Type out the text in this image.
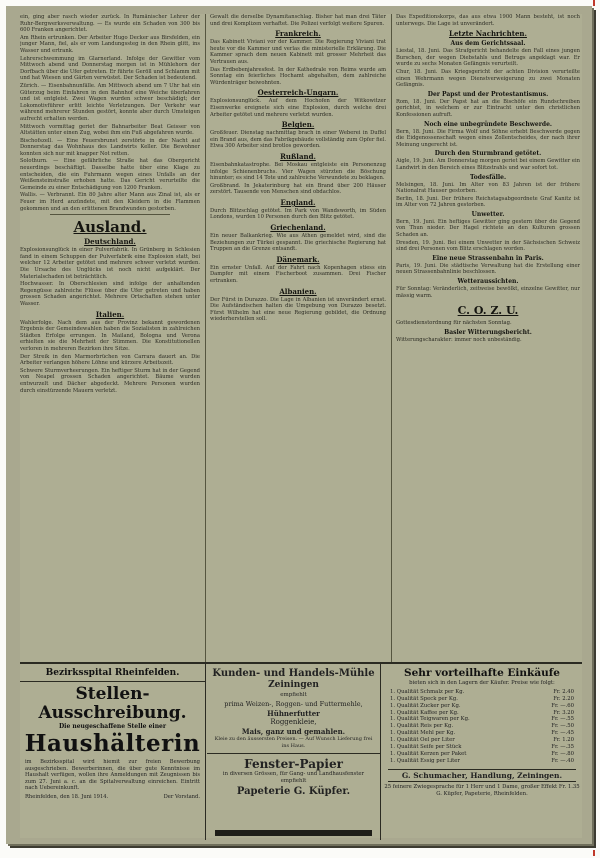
ein, ging aber rasch wieder zurück. In Rumänischer Lehrer der Ruhr-Bergwerksverwaltung. — Es wurde ein Schaden von 300 bis 600 Franken angerichtet.

Am Rhein ertrunken. Der Arbeiter Hugo Decker aus Birsfelden, ein junger Mann, fiel, als er vom Landungssteg in den Rhein glitt, ins Wasser und ertrank.

Lehrerschwemmung im Glarnerland. Infolge der Gewitter vom Mittwoch abend und Donnerstag morgen ist in Mühlehorn der Dorfbach über die Ufer getreten. Er führte Geröll und Schlamm mit und hat Wiesen und Gärten verwüstet. Der Schaden ist bedeutend.

Zürich. — Eisenbahnunfälle. Am Mittwoch abend um 7 Uhr hat ein Güterzug beim Einfahren in den Bahnhof eine Weiche überfahren und ist entgleist. Zwei Wagen wurden schwer beschädigt; der Lokomotivführer erlitt leichte Verletzungen. Der Verkehr war während mehrerer Stunden gestört, konnte aber durch Umsteigen aufrecht erhalten werden.

Mittwoch vormittag geriet der Bahnarbeiter Beat Geisser von Altstätten unter einen Zug, wobei ihm ein Fuß abgefahren wurde.

Bischofszell. — Eine Feuersbrunst zerstörte in der Nacht auf Donnerstag das Wohnhaus des Landwirts Keller. Die Bewohner konnten sich nur mit knapper Not retten.

Solothurn. — Eine gefährliche Straße hat das Obergericht neuerdings beschäftigt. Dasselbe hatte über eine Klage zu entscheiden, die ein Fuhrmann wegen eines Unfalls an der Weißensteinstraße erhoben hatte. Das Gericht verurteilte die Gemeinde zu einer Entschädigung von 1200 Franken.

Wallis. — Verbrannt. Ein 80 Jahre alter Mann aus Zinal ist, als er Feuer im Herd anzündete, mit den Kleidern in die Flammen gekommen und an den erlittenen Brandwunden gestorben.

Ausland.
Deutschland.

Explosionsunglück in einer Pulverfabrik. In Grünberg in Schlesien fand in einem Schuppen der Pulverfabrik eine Explosion statt, bei welcher 12 Arbeiter getötet und mehrere schwer verletzt wurden. Die Ursache des Unglücks ist noch nicht aufgeklärt. Der Materialschaden ist beträchtlich.

Hochwasser. In Oberschlesien sind infolge der anhaltenden Regengüsse zahlreiche Flüsse über die Ufer getreten und haben grossen Schaden angerichtet. Mehrere Ortschaften stehen unter Wasser.

Italien.

Wahlerfolge. Nach dem aus der Provinz bekannt gewordenen Ergebnis der Gemeindewahlen haben die Sozialisten in zahlreichen Städten Erfolge errungen. In Mailand, Bologna und Verona erhielten sie die Mehrheit der Stimmen. Die Konstitutionellen verloren in mehreren Bezirken ihre Sitze.

Der Streik in den Marmorbrüchen von Carrara dauert an. Die Arbeiter verlangen höhere Löhne und kürzere Arbeitszeit.

Schwere Sturmverheerungen. Ein heftiger Sturm hat in der Gegend von Neapel grossen Schaden angerichtet. Bäume wurden entwurzelt und Dächer abgedeckt. Mehrere Personen wurden durch einstürzende Mauern verletzt.

Gewalt die derselbe Dynamitanschlag. Bisher hat man drei Täter und drei Komplizen verhaftet. Die Polizei verfolgt weitere Spuren.

Frankreich.

Das Kabinett Viviani vor der Kammer. Die Regierung Viviani trat heute vor die Kammer und verlas die ministerielle Erklärung. Die Kammer sprach dem neuen Kabinett mit grosser Mehrheit das Vertrauen aus.

Das Erdbebenjahresfest. In der Kathedrale von Reims wurde am Sonntag ein feierliches Hochamt abgehalten, dem zahlreiche Würdenträger beiwohnten.

Oesterreich-Ungarn.

Explosionsunglück. Auf dem Hochofen der Witkowitzer Eisenwerke ereignete sich eine Explosion, durch welche drei Arbeiter getötet und mehrere verletzt wurden.

Belgien.

Großfeuer. Dienstag nachmittag brach in einer Weberei in Duffel ein Brand aus, dem das Fabrikgebäude vollständig zum Opfer fiel. Etwa 300 Arbeiter sind brotlos geworden.

Rußland.

Eisenbahnkatastrophe. Bei Moskau entgleiste ein Personenzug infolge Schienenbruchs. Vier Wagen stürzten die Böschung hinunter; es sind 14 Tote und zahlreiche Verwundete zu beklagen.

Großbrand. In Jekaterinburg hat ein Brand über 200 Häuser zerstört. Tausende von Menschen sind obdachlos.

England.

Durch Blitzschlag getötet. Im Park von Wandsworth, im Süden Londons, wurden 10 Personen durch den Blitz getötet.

Griechenland.

Ein neuer Balkankrieg. Wie aus Athen gemeldet wird, sind die Beziehungen zur Türkei gespannt. Die griechische Regierung hat Truppen an die Grenze entsandt.

Dänemark.

Ein ernster Unfall. Auf der Fahrt nach Kopenhagen stiess ein Dampfer mit einem Fischerboot zusammen. Drei Fischer ertranken.

Albanien.

Der Fürst in Durazzo. Die Lage in Albanien ist unverändert ernst. Die Aufständischen halten die Umgebung von Durazzo besetzt. Fürst Wilhelm hat eine neue Regierung gebildet, die Ordnung wiederherstellen soll.

Das Expeditionskorps, das aus etwa 1900 Mann besteht, ist noch unterwegs. Die Lage ist unverändert.

Letzte Nachrichten.
Aus dem Gerichtssaal.

Liestal, 18. Juni. Das Strafgericht behandelte den Fall eines jungen Burschen, der wegen Diebstahls und Betrugs angeklagt war. Er wurde zu sechs Monaten Gefängnis verurteilt.

Chur, 18. Juni. Das Kriegsgericht der achten Division verurteilte einen Wehrmann wegen Dienstverweigerung zu zwei Monaten Gefängnis.

Der Papst und der Protestantismus.

Rom, 18. Juni. Der Papst hat an die Bischöfe ein Rundschreiben gerichtet, in welchem er zur Eintracht unter den christlichen Konfessionen aufruft.

Noch eine unbegründete Beschwerde.

Bern, 18. Juni. Die Firma Wolf und Söhne erhebt Beschwerde gegen die Eidgenossenschaft wegen eines Zollentscheides, der nach ihrer Meinung ungerecht ist.

Durch den Sturmbrand getötet.

Aigle, 19. Juni. Am Donnerstag morgen geriet bei einem Gewitter ein Landwirt in den Bereich eines Blitzstrahls und war sofort tot.

Todesfälle.

Melsingen, 18. Juni. Im Alter von 83 Jahren ist der frühere Nationalrat Hauser gestorben.

Berlin, 18. Juni. Der frühere Reichstagsabgeordnete Graf Kanitz ist im Alter von 72 Jahren gestorben.

Unwetter.

Bern, 19. Juni. Ein heftiges Gewitter ging gestern über die Gegend von Thun nieder. Der Hagel richtete an den Kulturen grossen Schaden an.

Dresden, 19. Juni. Bei einem Unwetter in der Sächsischen Schweiz sind drei Personen vom Blitz erschlagen worden.

Eine neue Strassenbahn in Paris.

Paris, 19. Juni. Die städtische Verwaltung hat die Erstellung einer neuen Strassenbahnlinie beschlossen.

Wetteraussichten.

Für Sonntag: Veränderlich, zeitweise bewölkt, einzelne Gewitter, nur mässig warm.

C. O. Z. U.

Gottesdienstordnung für nächsten Sonntag.

Basler Witterungsbericht.

Witterungscharakter: immer noch unbeständig.

Bezirksspital Rheinfelden.
Stellen-Ausschreibung.
Die neugeschaffene Stelle einer
Haushälterin
im Bezirksspital wird hiemit zur freien Bewerbung ausgeschrieben. Bewerberinnen, die über gute Kenntnisse im Haushalt verfügen, wollen ihre Anmeldungen mit Zeugnissen bis zum 27. Juni a. c. an die Spitalverwaltung einreichen. Eintritt nach Uebereinkunft.
Rheinfelden, den 18. Juni 1914.	Der Vorstand.
Kunden- und Handels-Mühle
Zeiningen
empfiehlt
prima Weizen-, Roggen- und Futtermehle,
Hühnerfutter
Roggenkleie,
Mais, ganz und gemahlen.
Kleie zu den äussersten Preisen. — Auf Wunsch Lieferung frei ins Haus.
Fenster-Papier
in diversen Grössen, für Gang- und Landhausfenster empfiehlt
Papeterie G. Küpfer.
Sehr vorteilhafte Einkäufe
bieten sich in den Lagern der Käufer. Preise wie folgt:
1. Qualität Schmalz per Kg.	Fr. 2.40
1. Qualität Speck per Kg.	Fr. 2.20
1. Qualität Zucker per Kg.	Fr. —.60
1. Qualität Kaffee per Kg.	Fr. 3.20
1. Qualität Teigwaren per Kg.	Fr. —.55
1. Qualität Reis per Kg.	Fr. —.50
1. Qualität Mehl per Kg.	Fr. —.45
1. Qualität Oel per Liter	Fr. 1.20
1. Qualität Seife per Stück	Fr. —.35
1. Qualität Kerzen per Paket	Fr. —.80
1. Qualität Essig per Liter	Fr. —.40
G. Schumacher, Handlung, Zeiningen.
25 feinere Zwiegesprache für 1 Herr und 1 Dame, großer Effekt Fr. 1.35
G. Küpfer, Papeterie, Rheinfelden.
